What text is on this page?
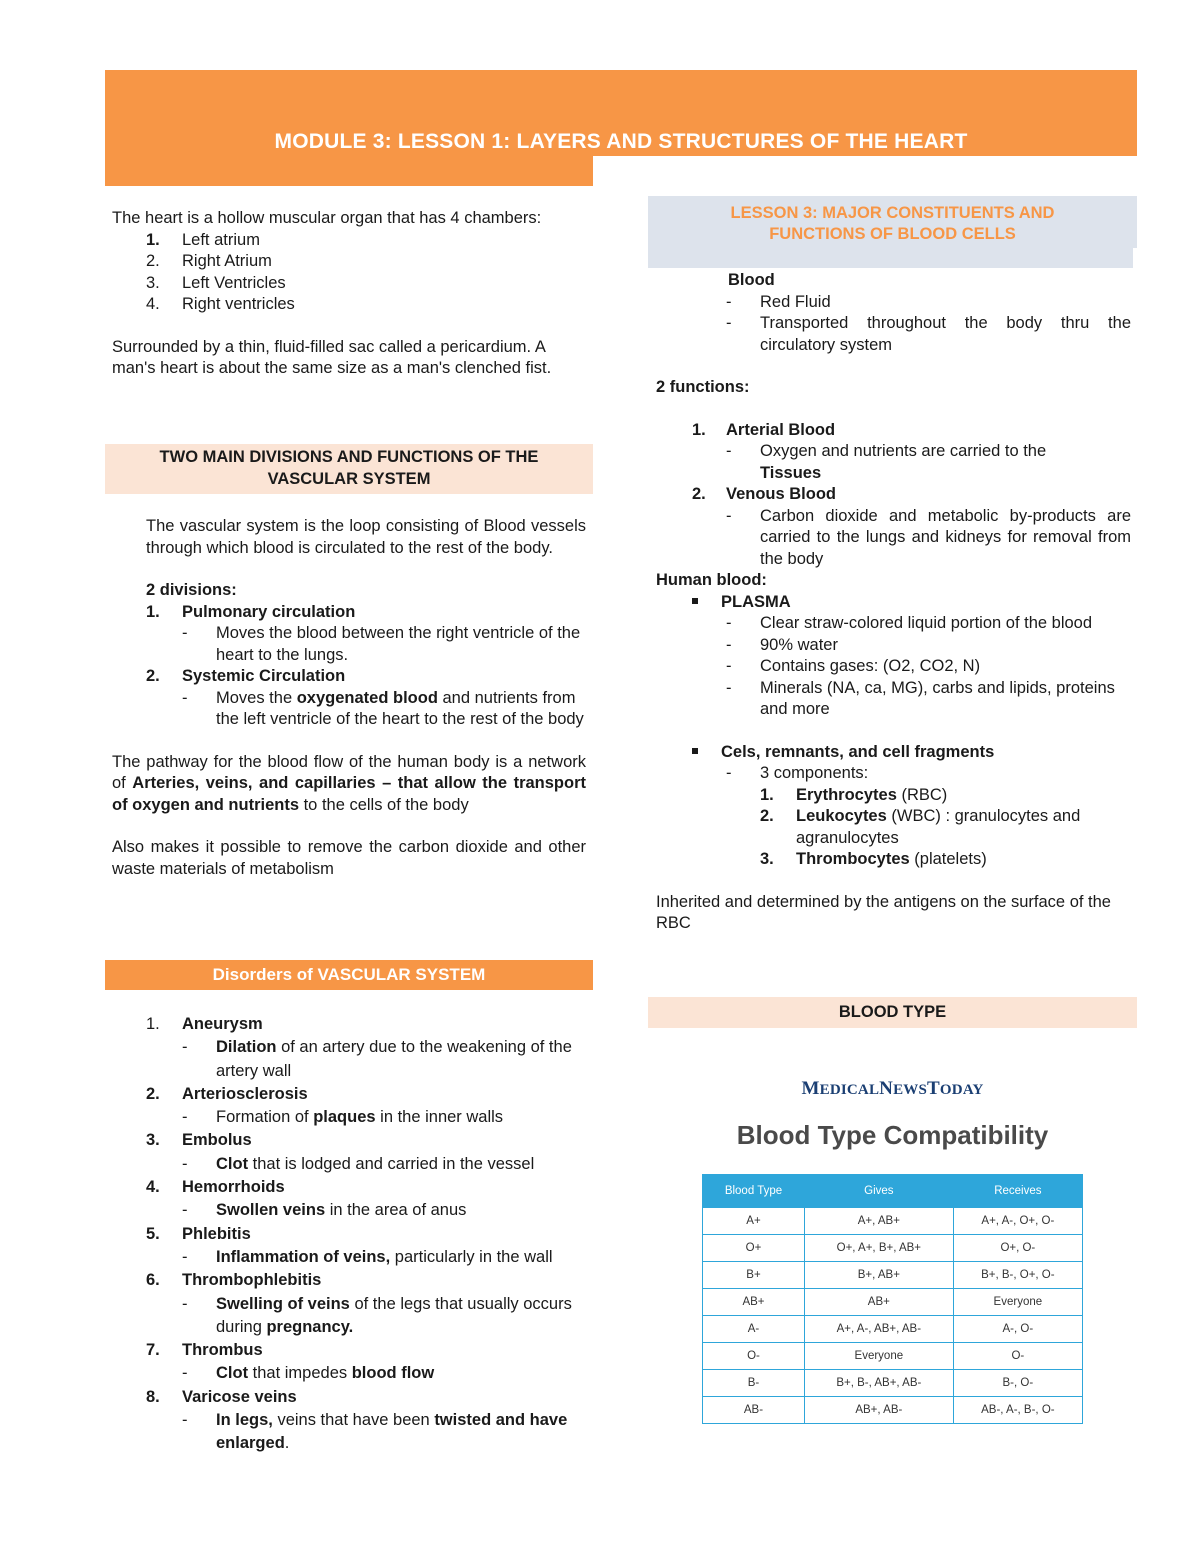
MODULE 3: LESSON 1: LAYERS AND STRUCTURES OF THE HEART

The heart is a hollow muscular organ that has 4 chambers:

1.	Left atrium
2.	Right Atrium
3.	Left Ventricles
4.	Right ventricles

Surrounded by a thin, fluid-filled sac called a pericardium. A man's heart is about the same size as a man's clenched fist.

TWO MAIN DIVISIONS AND FUNCTIONS OF THE VASCULAR SYSTEM

The vascular system is the loop consisting of Blood vessels through which blood is circulated to the rest of the body.

2 divisions:

1.	Pulmonary circulation
-	Moves the blood between the right ventricle of the heart to the lungs.
2.	Systemic Circulation
-	Moves the oxygenated blood and nutrients from the left ventricle of the heart to the rest of the body

The pathway for the blood flow of the human body is a network of Arteries, veins, and capillaries – that allow the transport of oxygen and nutrients to the cells of the body

Also makes it possible to remove the carbon dioxide and other waste materials of metabolism

Disorders of VASCULAR SYSTEM
1.	Aneurysm
-	Dilation of an artery due to the weakening of the artery wall
2.	Arteriosclerosis
-	Formation of plaques in the inner walls
3.	Embolus
-	Clot that is lodged and carried in the vessel
4.	Hemorrhoids
-	Swollen veins in the area of anus
5.	Phlebitis
-	Inflammation of veins, particularly in the wall
6.	Thrombophlebitis
-	Swelling of veins of the legs that usually occurs during pregnancy.
7.	Thrombus
-	Clot that impedes blood flow
8.	Varicose veins
-	In legs, veins that have been twisted and have enlarged.
LESSON 3: MAJOR CONSTITUENTS AND FUNCTIONS OF BLOOD CELLS

Blood

-	Red Fluid
-	Transported throughout the body thru the circulatory system

2 functions:

1.	Arterial Blood
-	Oxygen and nutrients are carried to the
Tissues
2.	Venous Blood
-	Carbon dioxide and metabolic by-products are carried to the lungs and kidneys for removal from the body

Human blood:

PLASMA
-	Clear straw-colored liquid portion of the blood
-	90% water
-	Contains gases: (O2, CO2, N)
-	Minerals (NA, ca, MG), carbs and lipids, proteins and more
Cels, remnants, and cell fragments
-	3 components:
1.	Erythrocytes (RBC)
2.	Leukocytes (WBC) : granulocytes and agranulocytes
3.	Thrombocytes (platelets)

Inherited and determined by the antigens on the surface of the RBC

BLOOD TYPE
MEDICALNEWSTODAY
Blood Type Compatibility
Blood Type	Gives	Receives
A+	A+, AB+	A+, A-, O+, O-
O+	O+, A+, B+, AB+	O+, O-
B+	B+, AB+	B+, B-, O+, O-
AB+	AB+	Everyone
A-	A+, A-, AB+, AB-	A-, O-
O-	Everyone	O-
B-	B+, B-, AB+, AB-	B-, O-
AB-	AB+, AB-	AB-, A-, B-, O-
